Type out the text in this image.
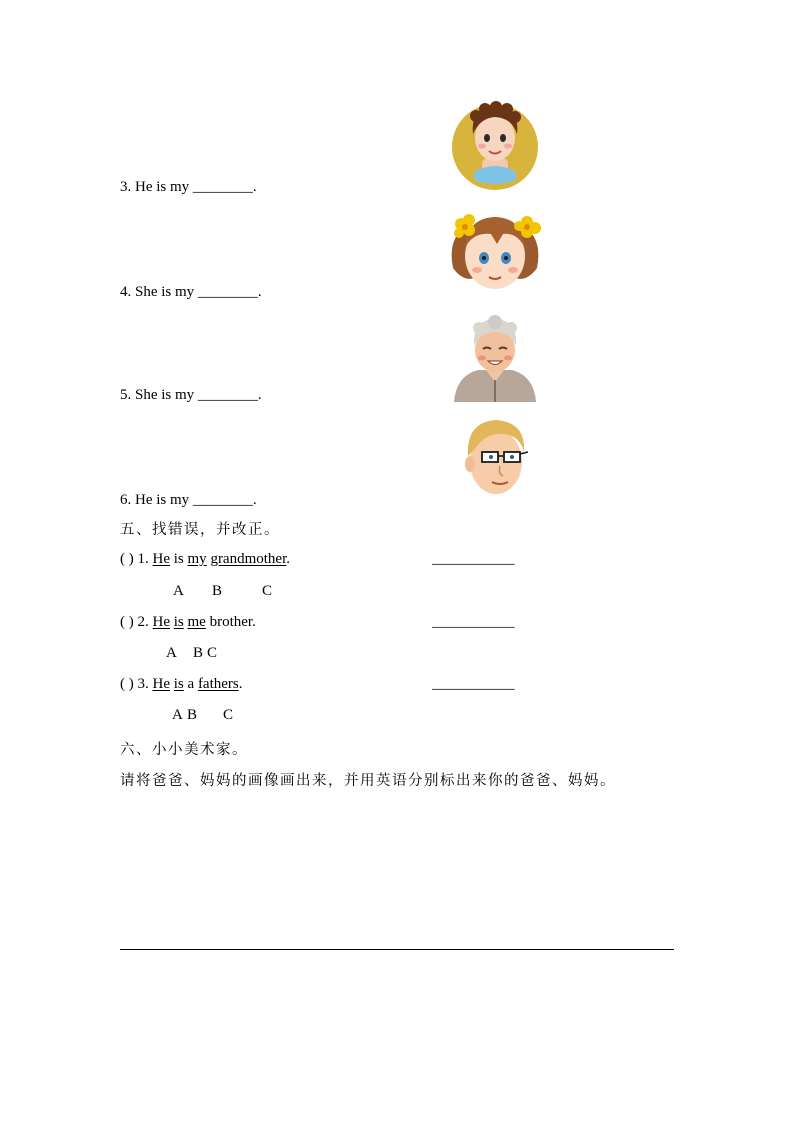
3. He is my ________.
4. She is my ________.
5. She is my ________.
6. He is my ________.
五、找错误，并改正。
( ) 1. He is my grandmother.	___________
A B	C
( ) 2. He is me brother.	___________
A B C
( ) 3. He is a fathers.	___________
A B C
六、小小美术家。
请将爸爸、妈妈的画像画出来，并用英语分别标出来你的爸爸、妈妈。
